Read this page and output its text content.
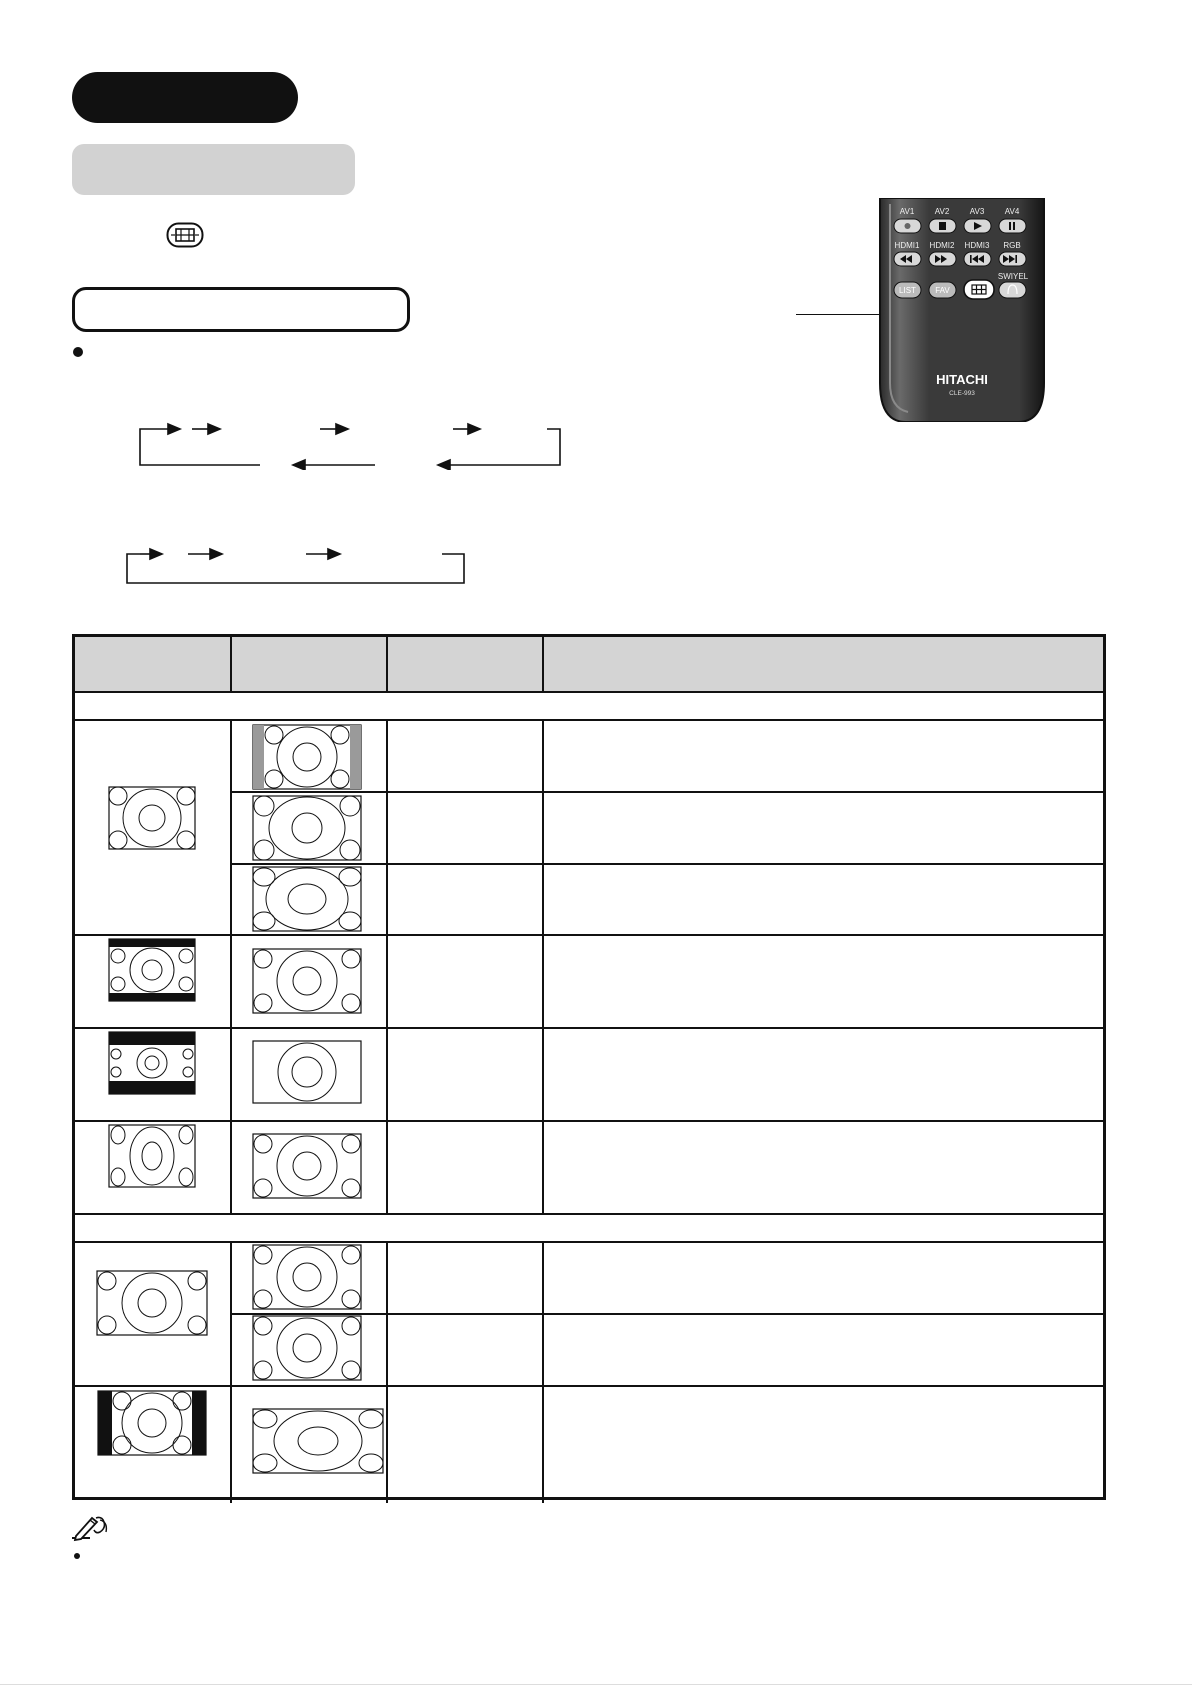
AV1	AV2	AV3	AV4
HDMI1 HDMI2 HDMI3 RGB
SWIYEL
LIST FAV
HITACHI
CLE-993
